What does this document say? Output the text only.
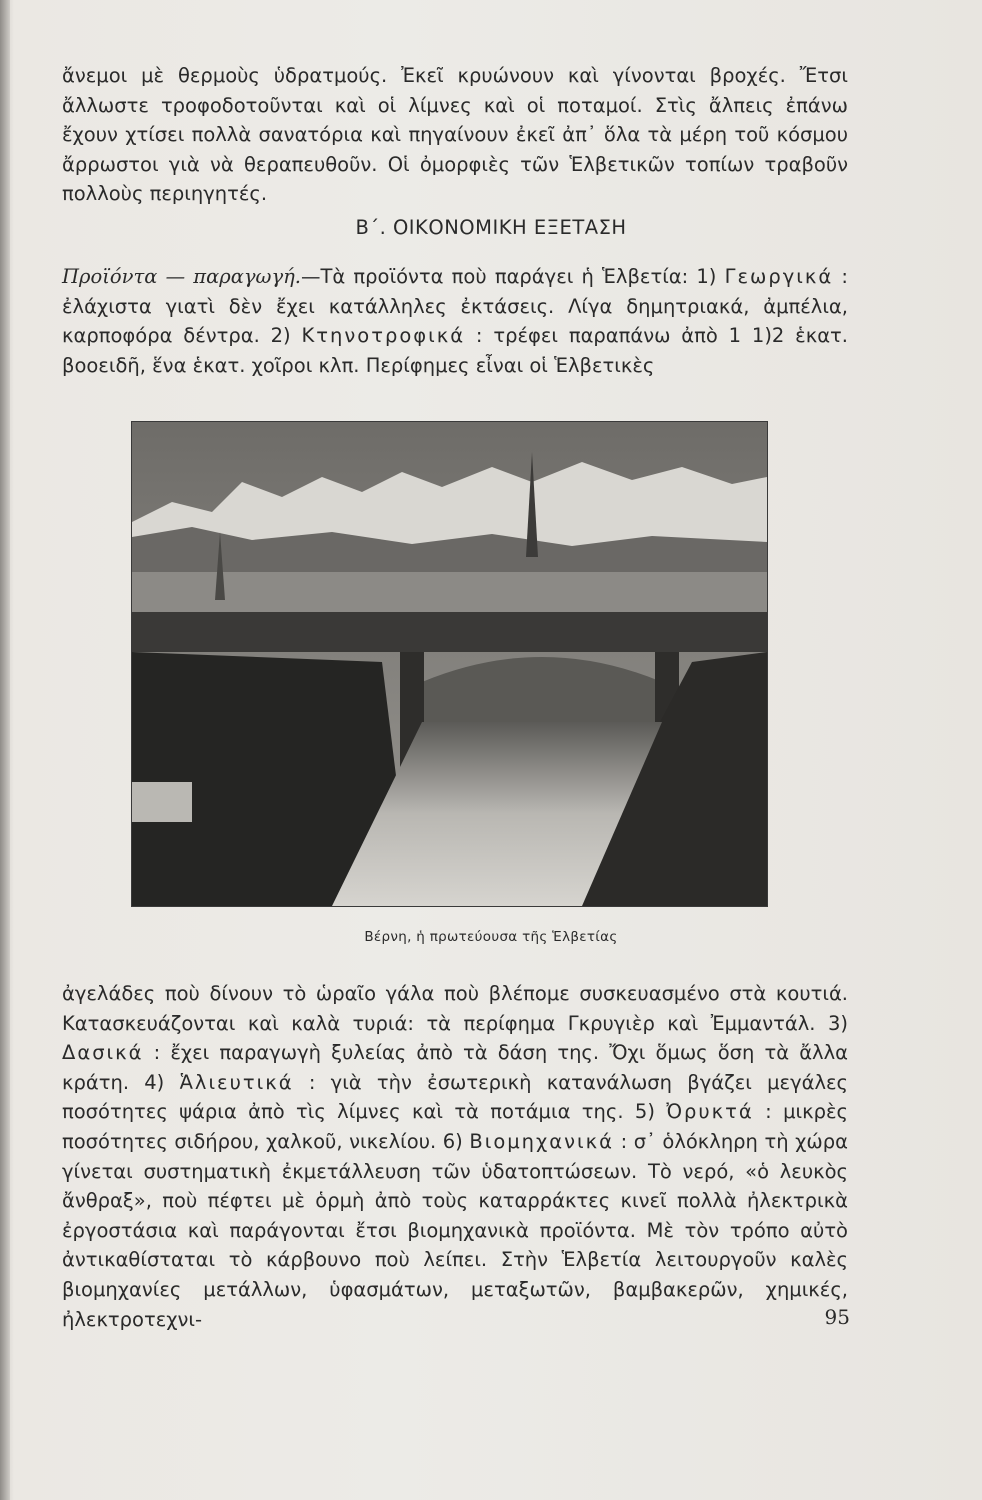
ἄνεμοι μὲ θερμοὺς ὑδρατμούς. Ἐκεῖ κρυώνουν καὶ γίνονται βροχές. Ἔτσι ἄλλωστε τροφοδοτοῦνται καὶ οἱ λίμνες καὶ οἱ ποταμοί. Στὶς ἄλπεις ἐπάνω ἔχουν χτίσει πολλὰ σανατόρια καὶ πηγαίνουν ἐκεῖ ἀπ᾿ ὅλα τὰ μέρη τοῦ κόσμου ἄρρωστοι γιὰ νὰ θεραπευθοῦν. Οἱ ὀμορφιὲς τῶν Ἑλβετικῶν τοπίων τραβοῦν πολλοὺς περιηγητές.

Β΄. ΟΙΚΟΝΟΜΙΚΗ ΕΞΕΤΑΣΗ

Προϊόντα — παραγωγή.—Τὰ προϊόντα ποὺ παράγει ἡ Ἑλβετία: 1) Γεωργικά : ἐλάχιστα γιατὶ δὲν ἔχει κατάλληλες ἐκτάσεις. Λίγα δημητριακά, ἀμπέλια, καρποφόρα δέντρα. 2) Κτηνοτροφικά : τρέφει παραπάνω ἀπὸ 1 1)2 ἑκατ. βοοειδῆ, ἕνα ἑκατ. χοῖροι κλπ. Περίφημες εἶναι οἱ Ἑλβετικὲς

Βέρνη, ἡ πρωτεύουσα τῆς Ἑλβετίας

ἀγελάδες ποὺ δίνουν τὸ ὡραῖο γάλα ποὺ βλέπομε συσκευασμένο στὰ κουτιά. Κατασκευάζονται καὶ καλὰ τυριά: τὰ περίφημα Γκρυγιὲρ καὶ Ἐμμαντάλ. 3) Δασικά : ἔχει παραγωγὴ ξυλείας ἀπὸ τὰ δάση της. Ὄχι ὅμως ὅση τὰ ἄλλα κράτη. 4) Ἁλιευτικά : γιὰ τὴν ἐσωτερικὴ κατανάλωση βγάζει μεγάλες ποσότητες ψάρια ἀπὸ τὶς λίμνες καὶ τὰ ποτάμια της. 5) Ὀρυκτά : μικρὲς ποσότητες σιδήρου, χαλκοῦ, νικελίου. 6) Βιομηχανικά : σ᾿ ὁλόκληρη τὴ χώρα γίνεται συστηματικὴ ἐκμετάλλευση τῶν ὑδατοπτώσεων. Τὸ νερό, «ὁ λευκὸς ἄνθραξ», ποὺ πέφτει μὲ ὁρμὴ ἀπὸ τοὺς καταρράκτες κινεῖ πολλὰ ἠλεκτρικὰ ἐργοστάσια καὶ παράγονται ἔτσι βιομηχανικὰ προϊόντα. Μὲ τὸν τρόπο αὐτὸ ἀντικαθίσταται τὸ κάρβουνο ποὺ λείπει. Στὴν Ἑλβετία λειτουργοῦν καλὲς βιομηχανίες μετάλλων, ὑφασμάτων, μεταξωτῶν, βαμβακερῶν, χημικές, ἠλεκτροτεχνι-	95
